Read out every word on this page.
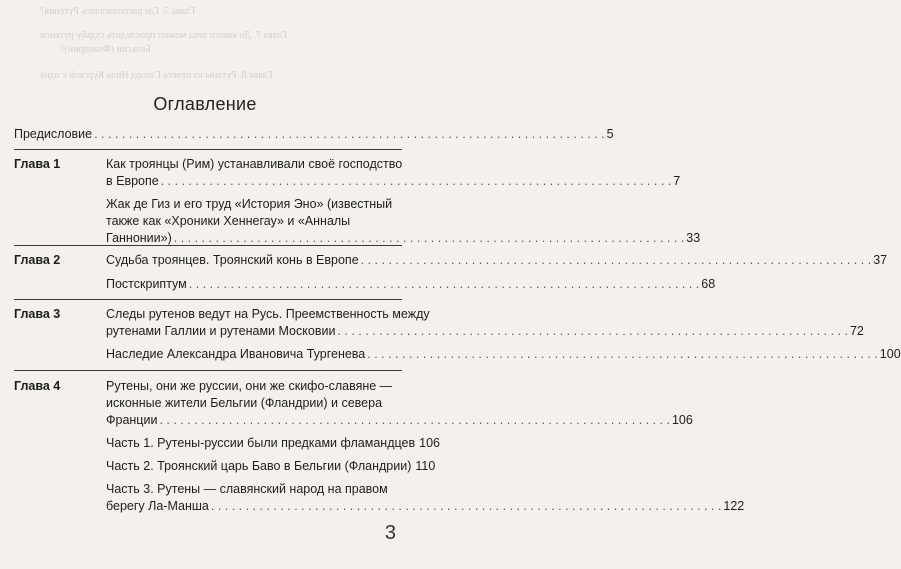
Глава 5. Где располагалась Рутения?
Глава 7. До какого века можно проследить судьбу рутенов
Бельгии (Фландрии)?
Глава 8. Рутены из отчета Гэлорд Нила Курской с одна
Оглавление
Предисловие . . .	5
Глава 1	Как троянцы (Рим) устанавливали своё господство
в Европе . . .	7
Жак де Гиз и его труд «История Эно» (известный
также как «Хроники Хеннегау» и «Анналы
Ганнонии») . . .	33
Глава 2	Судьба троянцев. Троянский конь в Европе . . .	37
Постскриптум . . .	68
Глава 3	Следы рутенов ведут на Русь. Преемственность между
рутенами Галлии и рутенами Московии . . .	72
Наследие Александра Ивановича Тургенева . . .	100
Глава 4	Рутены, они же руссии, они же скифо-славяне —
исконные жители Бельгии (Фландрии) и севера
Франции . . .	106
Часть 1. Рутены-руссии были предками фламандцев 106
Часть 2. Троянский царь Баво в Бельгии (Фландрии) 110
Часть 3. Рутены — славянский народ на правом
берегу Ла-Манша . . .	122
3
